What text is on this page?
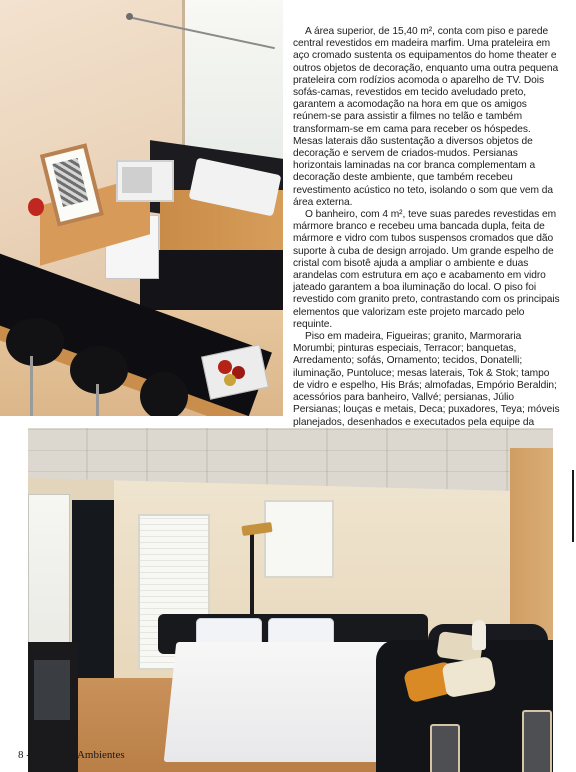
A área superior, de 15,40 m², conta com piso e parede central revestidos em madeira marfim. Uma prateleira em aço cromado sustenta os equipamentos do home theater e outros objetos de decoração, enquanto uma outra pequena prateleira com rodízios acomoda o aparelho de TV. Dois sofás-camas, revestidos em tecido aveludado preto, garantem a acomodação na hora em que os amigos reúnem-se para assistir a filmes no telão e também transformam-se em cama para receber os hóspedes. Mesas laterais dão sustentação a diversos objetos de decoração e servem de criados-mudos. Persianas horizontais laminadas na cor branca complementam a decoração deste ambiente, que também recebeu revestimento acústico no teto, isolando o som que vem da área externa.

O banheiro, com 4 m², teve suas paredes revestidas em mármore branco e recebeu uma bancada dupla, feita de mármore e vidro com tubos suspensos cromados que dão suporte à cuba de design arrojado. Um grande espelho de cristal com bisotê ajuda a ampliar o ambiente e duas arandelas com estrutura em aço e acabamento em vidro jateado garantem a boa iluminação do local. O piso foi revestido com granito preto, contrastando com os principais elementos que valorizam este projeto marcado pelo requinte.

Piso em madeira, Figueiras; granito, Marmoraria Morumbi; pinturas especiais, Terracor; banquetas, Arredamento; sofás, Ornamento; tecidos, Donatelli; iluminação, Puntoluce; mesas laterais, Tok & Stok; tampo de vidro e espelho, His Brás; almofadas, Empório Beraldin; acessórios para banheiro, Vallvé; persianas, Júlio Persianas; louças e metais, Deca; puxadores, Teya; móveis planejados, desenhados e executados pela equipe da

8 - Pequenos Ambientes
